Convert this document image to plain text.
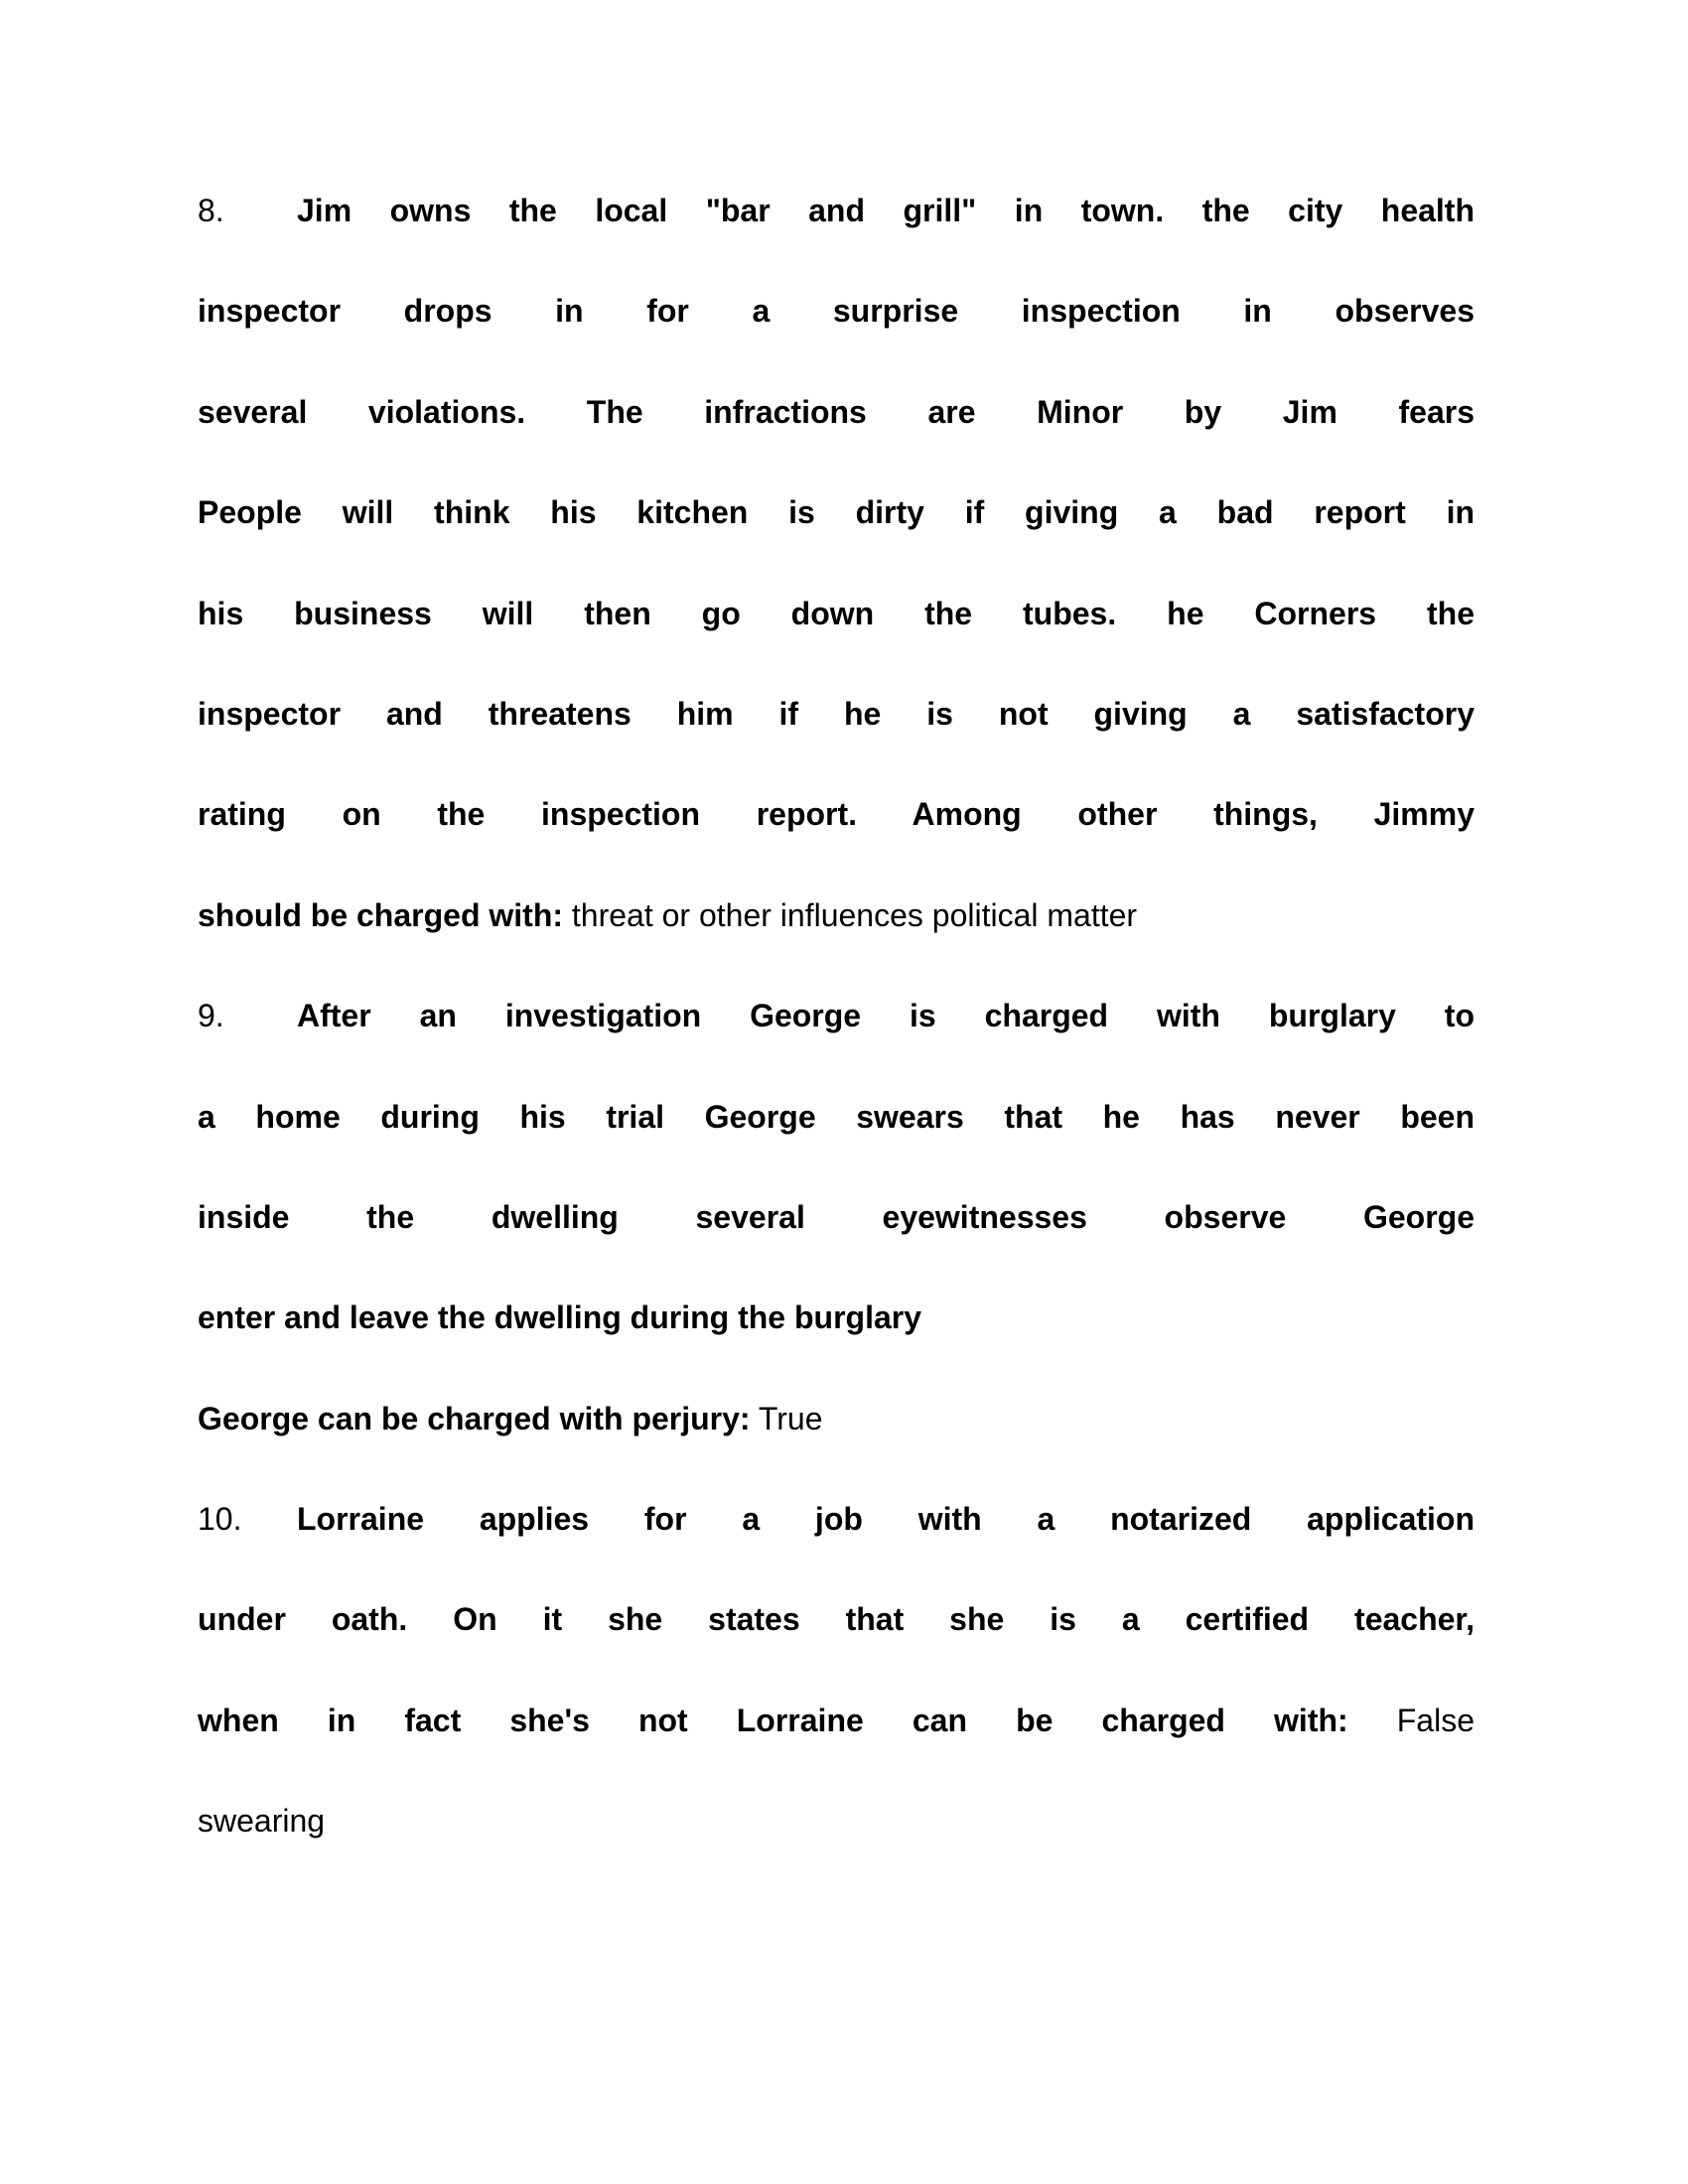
8. Jim owns the local "bar and grill" in town. the city health
inspector drops in for a surprise inspection in observes
several violations. The infractions are Minor by Jim fears
People will think his kitchen is dirty if giving a bad report in
his business will then go down the tubes. he Corners the
inspector and threatens him if he is not giving a satisfactory
rating on the inspection report. Among other things, Jimmy
should be charged with: threat or other influences political matter
9. After an investigation George is charged with burglary to
a home during his trial George swears that he has never been
inside the dwelling several eyewitnesses observe George
enter and leave the dwelling during the burglary
George can be charged with perjury: True
10. Lorraine applies for a job with a notarized application
under oath. On it she states that she is a certified teacher,
when in fact she's not Lorraine can be charged with: False
swearing
